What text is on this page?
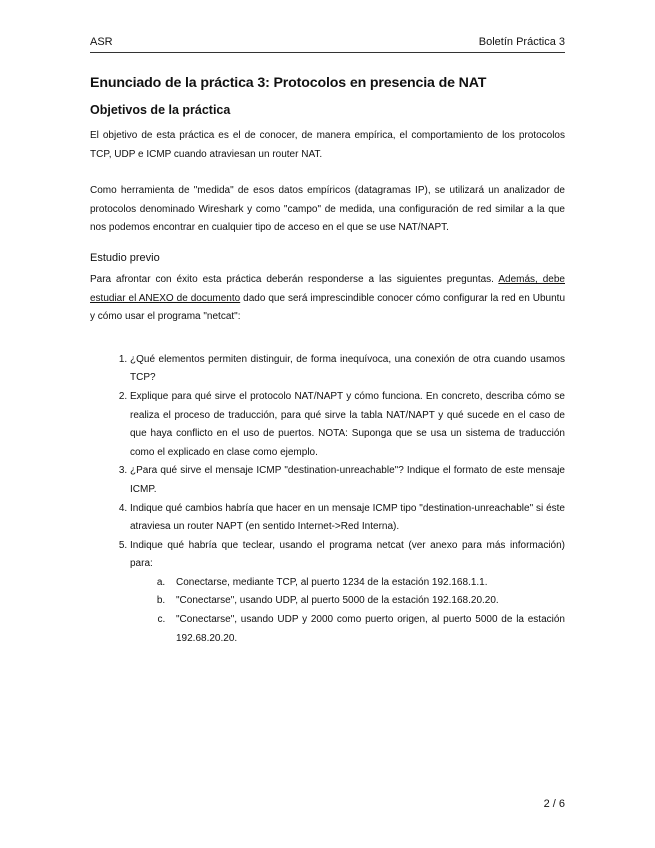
ASR	Boletín Práctica 3
Enunciado de la práctica 3: Protocolos en presencia de NAT
Objetivos de la práctica

El objetivo de esta práctica es el de conocer, de manera empírica, el comportamiento de los protocolos TCP, UDP e ICMP cuando atraviesan un router NAT.

Como herramienta de "medida" de esos datos empíricos (datagramas IP), se utilizará un analizador de protocolos denominado Wireshark y como "campo" de medida, una configuración de red similar a la que nos podemos encontrar en cualquier tipo de acceso en el que se use NAT/NAPT.

Estudio previo

Para afrontar con éxito esta práctica deberán responderse a las siguientes preguntas. Además, debe estudiar el ANEXO de documento dado que será imprescindible conocer cómo configurar la red en Ubuntu y cómo usar el programa "netcat":

1. ¿Qué elementos permiten distinguir, de forma inequívoca, una conexión de otra cuando usamos TCP?
2. Explique para qué sirve el protocolo NAT/NAPT y cómo funciona. En concreto, describa cómo se realiza el proceso de traducción, para qué sirve la tabla NAT/NAPT y qué sucede en el caso de que haya conflicto en el uso de puertos. NOTA: Suponga que se usa un sistema de traducción como el explicado en clase como ejemplo.
3. ¿Para qué sirve el mensaje ICMP "destination-unreachable"? Indique el formato de este mensaje ICMP.
4. Indique qué cambios habría que hacer en un mensaje ICMP tipo "destination-unreachable" si éste atraviesa un router NAPT (en sentido Internet->Red Interna).
5. Indique qué habría que teclear, usando el programa netcat (ver anexo para más información) para:
a. Conectarse, mediante TCP, al puerto 1234 de la estación 192.168.1.1.
b. "Conectarse", usando UDP, al puerto 5000 de la estación 192.168.20.20.
c. "Conectarse", usando UDP y 2000 como puerto origen, al puerto 5000 de la estación 192.68.20.20.
2 / 6
